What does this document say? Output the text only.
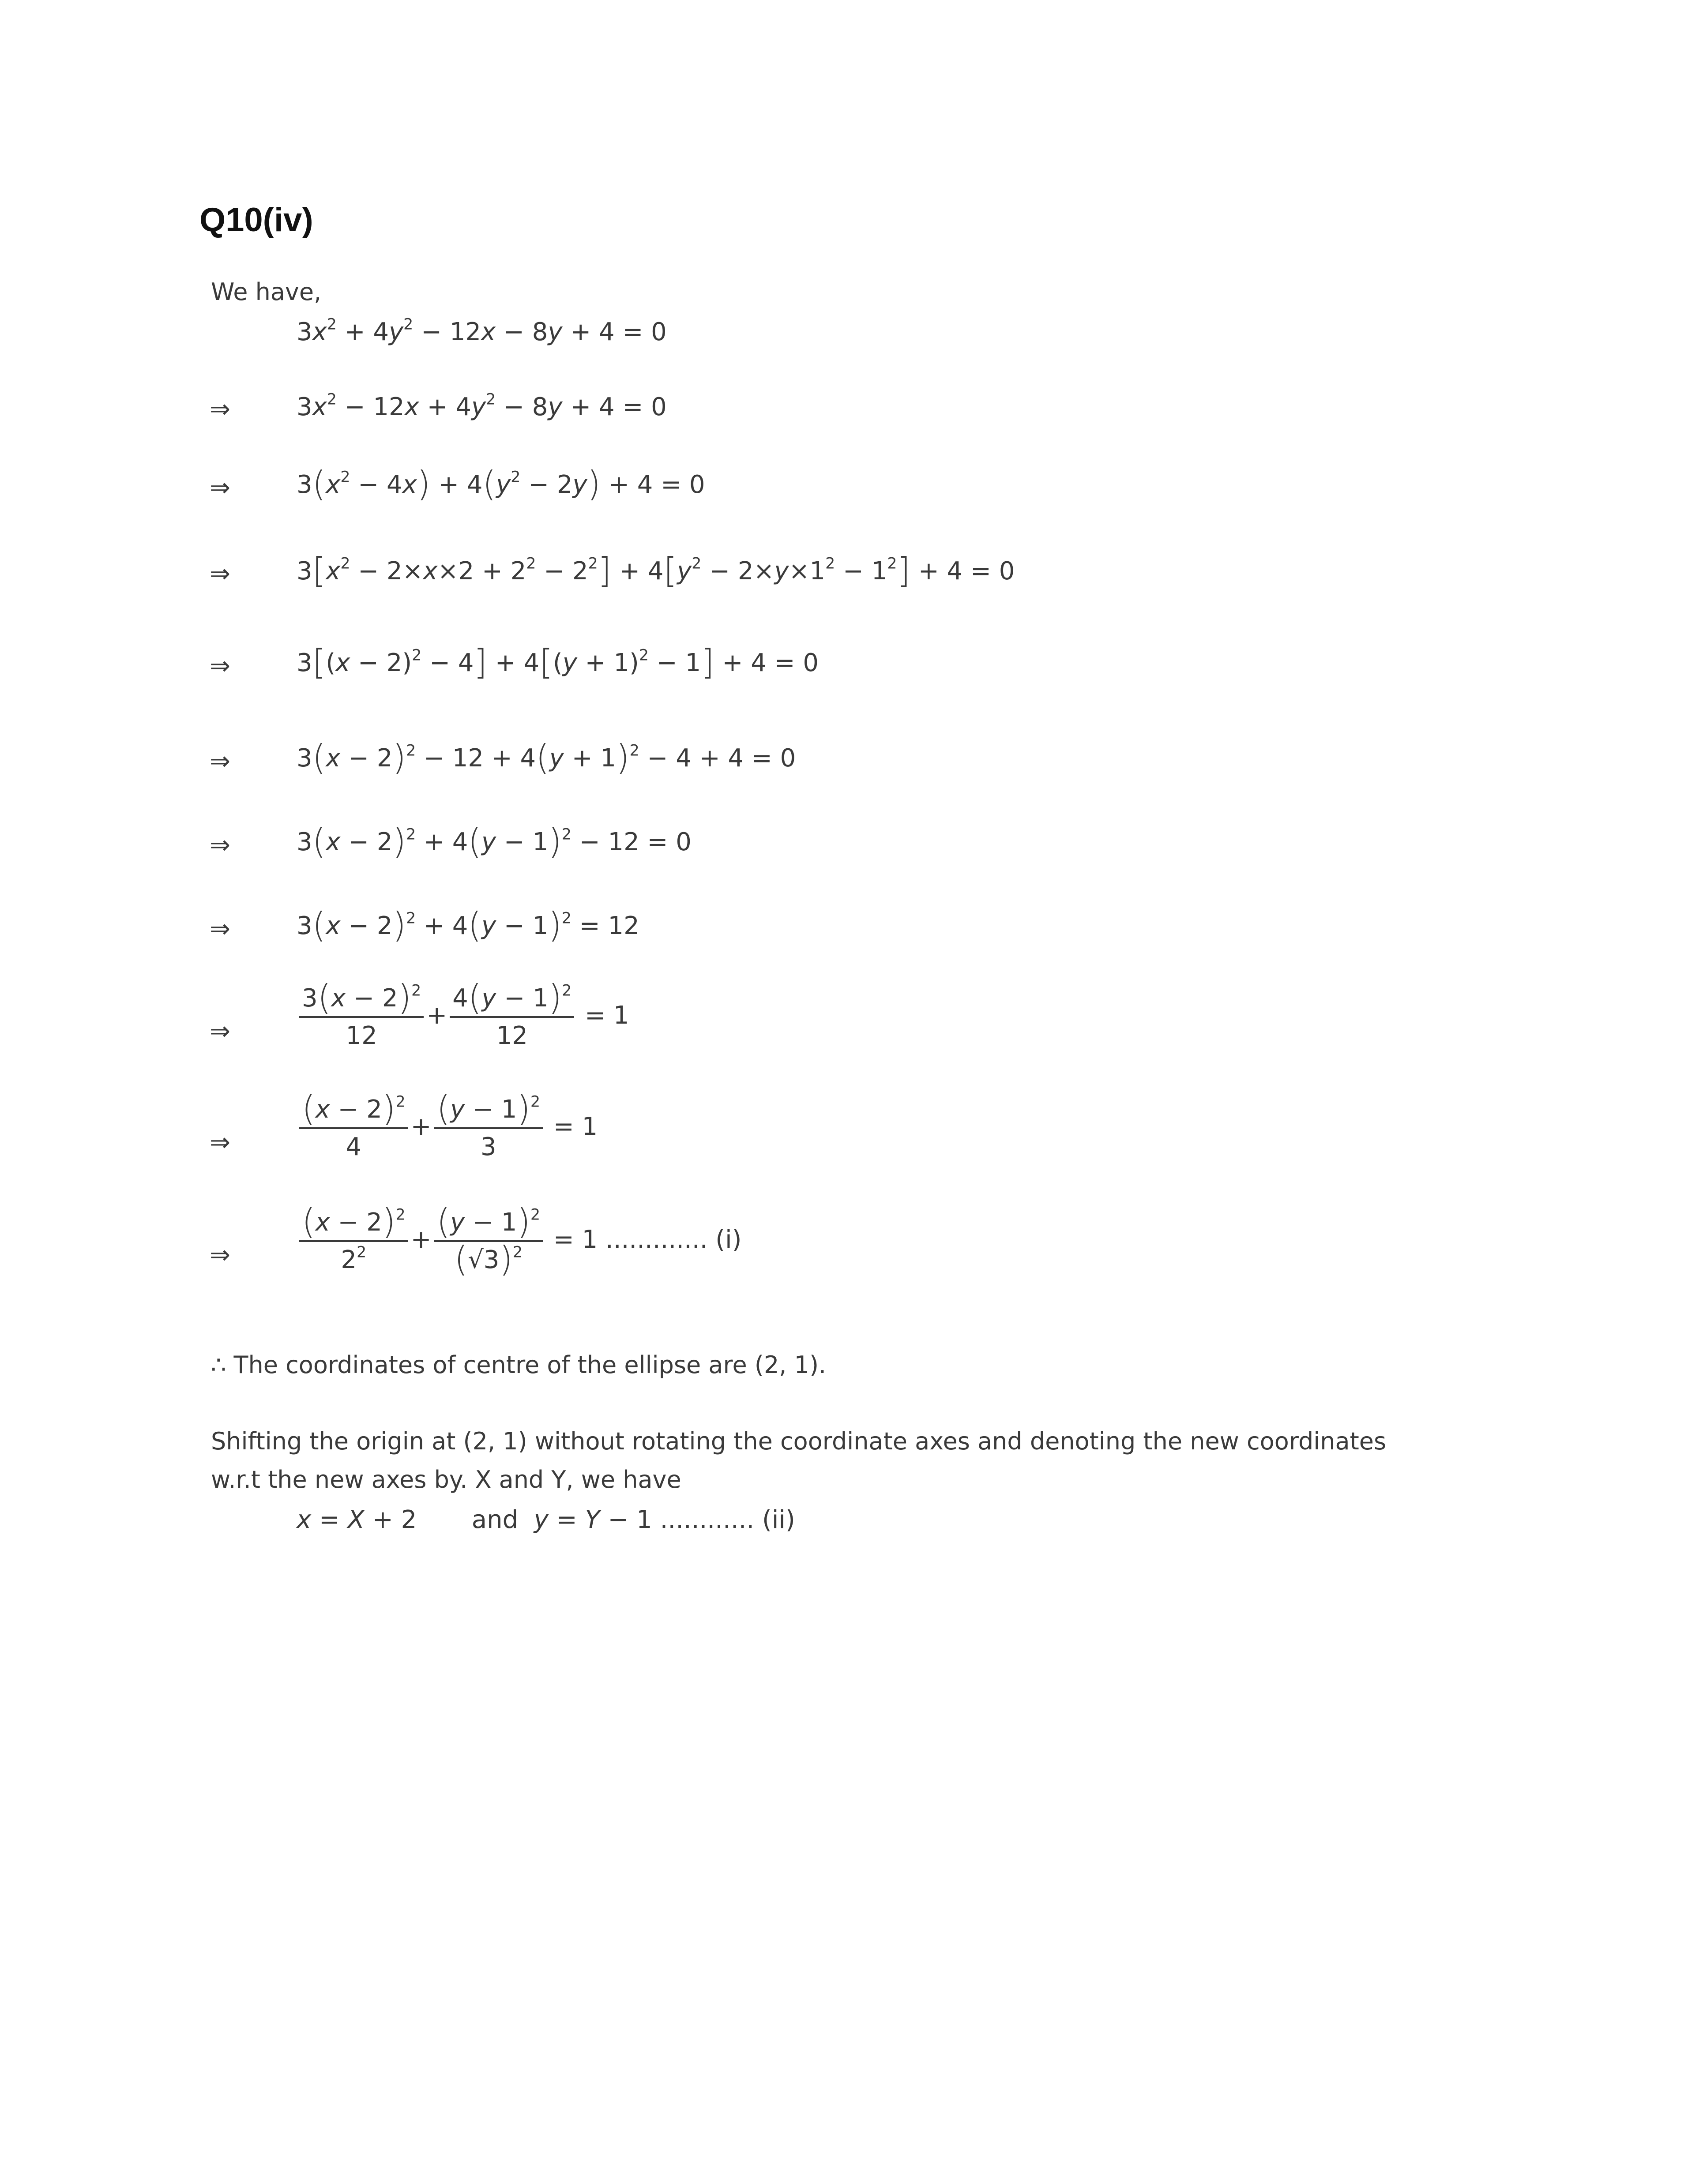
Q10(iv)
We have,
$3x^2 + 4y^2 - 12x - 8y + 4 = 0$
⇒	$3x^2 - 12x + 4y^2 - 8y + 4 = 0$
⇒	$3(x^2 - 4x) + 4(y^2 - 2y) + 4 = 0$
⇒	$3[x^2 - 2\times x\times 2 + 2^2 - 2^2] + 4[y^2 - 2\times y\times 1^2 - 1^2] + 4 = 0$
⇒	$3[(x - 2)^2 - 4] + 4[(y + 1)^2 - 1] + 4 = 0$
⇒	$3(x - 2)^2 - 12 + 4(y + 1)^2 - 4 + 4 = 0$
⇒	$3(x - 2)^2 + 4(y - 1)^2 - 12 = 0$
⇒	$3(x - 2)^2 + 4(y - 1)^2 = 12$
⇒	$\frac{3(x - 2)^2}{12} + \frac{4(y - 1)^2}{12} = 1$
⇒ $\frac{(x - 2)^2}{4} + \frac{(y - 1)^2}{3} = 1$
⇒ $\frac{(x - 2)^2}{2^2} + \frac{(y - 1)^2}{(√3)^2} = 1$ ............. (i)
∴ The coordinates of centre of the ellipse are (2, 1).
Shifting the origin at (2, 1) without rotating the coordinate axes and denoting the new coordinates
w.r.t the new axes by. X and Y, we have
x = X + 2       and  y = Y − 1 ............ (ii)
